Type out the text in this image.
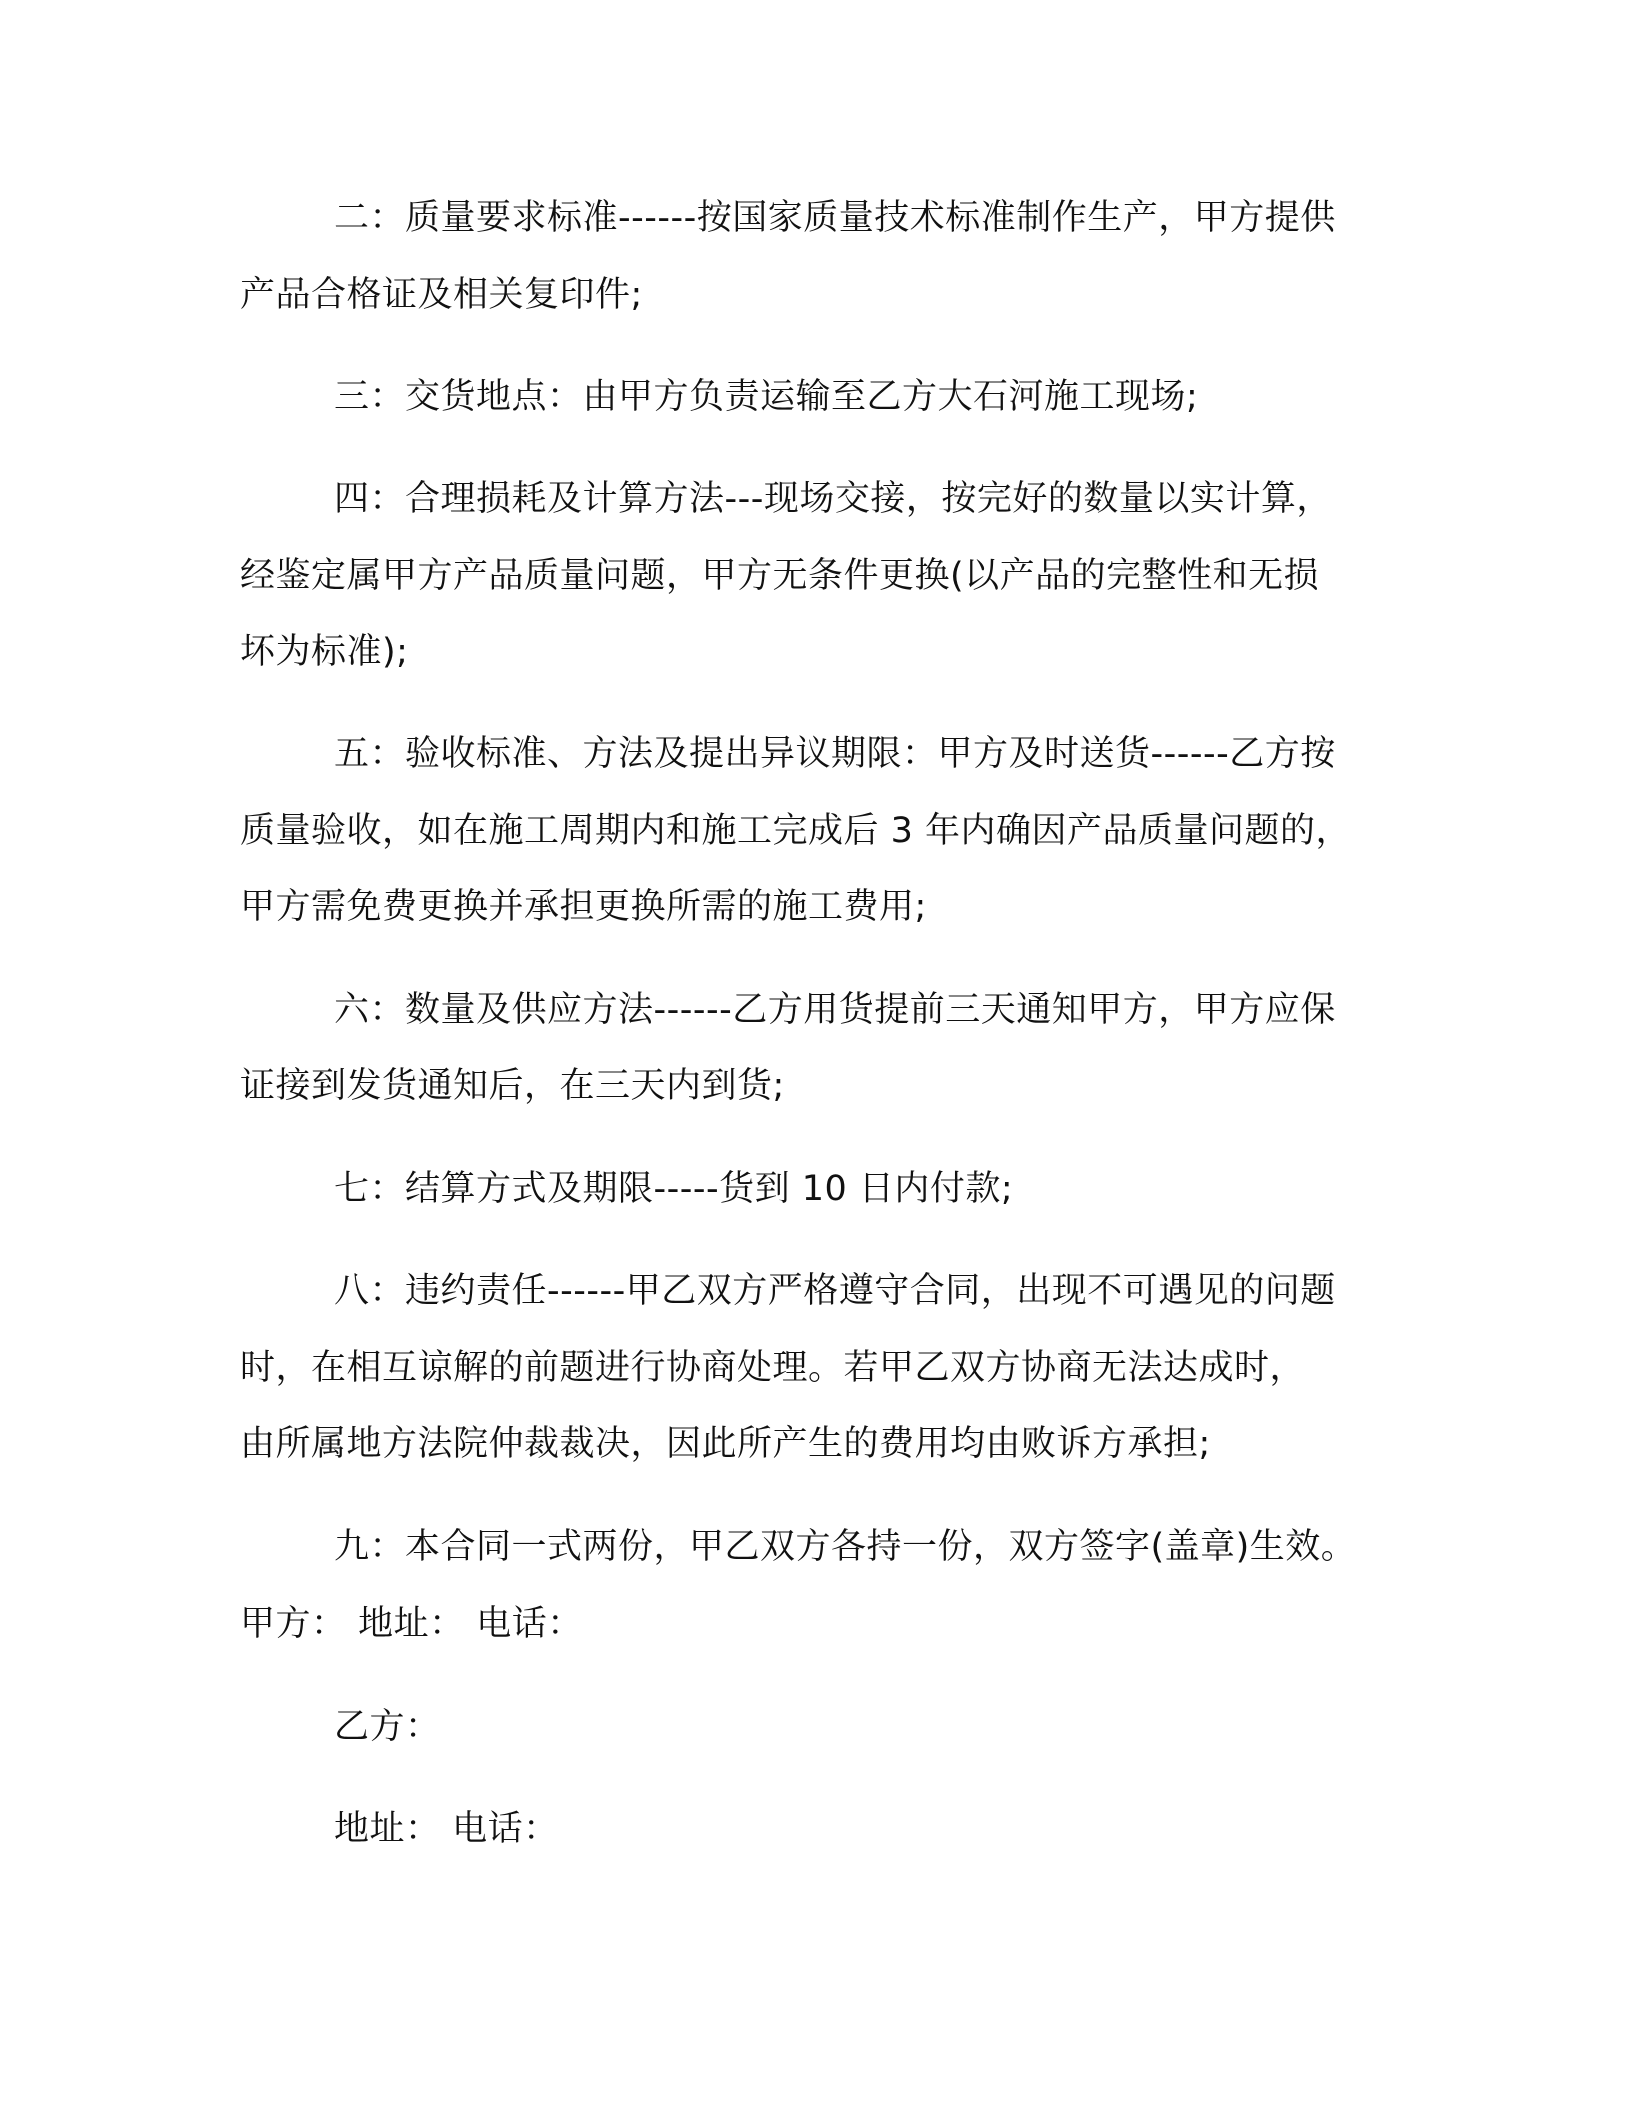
二：质量要求标准------按国家质量技术标准制作生产，甲方提供
产品合格证及相关复印件;
三：交货地点：由甲方负责运输至乙方大石河施工现场;
四：合理损耗及计算方法---现场交接，按完好的数量以实计算，
经鉴定属甲方产品质量问题，甲方无条件更换(以产品的完整性和无损
坏为标准);
五：验收标准、方法及提出异议期限：甲方及时送货------乙方按
质量验收，如在施工周期内和施工完成后 3 年内确因产品质量问题的，
甲方需免费更换并承担更换所需的施工费用;
六：数量及供应方法------乙方用货提前三天通知甲方，甲方应保
证接到发货通知后，在三天内到货;
七：结算方式及期限-----货到 10 日内付款;
八：违约责任------甲乙双方严格遵守合同，出现不可遇见的问题
时，在相互谅解的前题进行协商处理。若甲乙双方协商无法达成时，
由所属地方法院仲裁裁决，因此所产生的费用均由败诉方承担;
九：本合同一式两份，甲乙双方各持一份，双方签字(盖章)生效。
甲方： 地址： 电话：
乙方：
地址： 电话：
